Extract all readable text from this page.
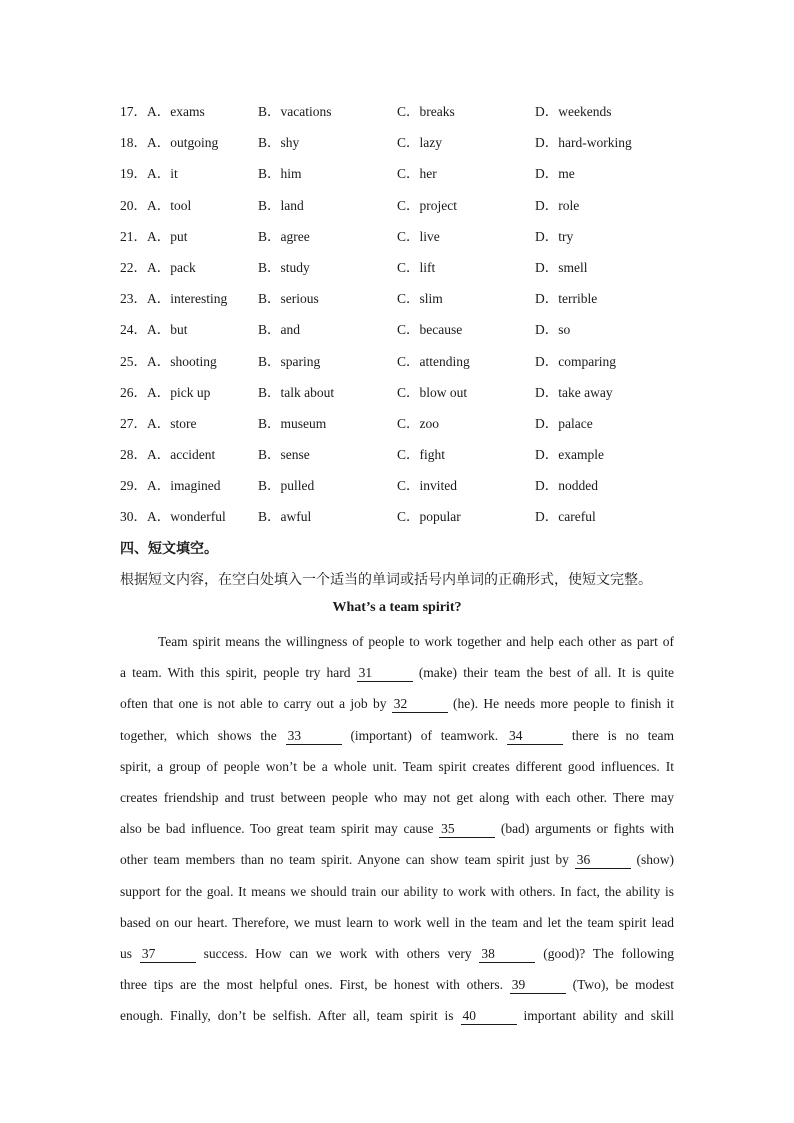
17．A．exams	B．vacations	C．breaks	D．weekends
18．A．outgoing	B．shy	C．lazy	D．hard-working
19．A．it	B．him	C．her	D．me
20．A．tool	B．land	C．project	D．role
21．A．put	B．agree	C．live	D．try
22．A．pack	B．study	C．lift	D．smell
23．A．interesting B．serious	C．slim	D．terrible
24．A．but	B．and	C．because	D．so
25．A．shooting	B．sparing	C．attending	D．comparing
26．A．pick up	B．talk about	C．blow out	D．take away
27．A．store	B．museum	C．zoo	D．palace
28．A．accident	B．sense	C．fight	D．example
29．A．imagined	B．pulled	C．invited	D．nodded
30．A．wonderful B．awful	C．popular	D．careful
四、短文填空。
根据短文内容，在空白处填入一个适当的单词或括号内单词的正确形式，使短文完整。
What’s a team spirit?
Team spirit means the willingness of people to work together and help each other as part of
a team. With this spirit, people try hard 31	(make) their team the best of all. It is quite
often that one is not able to carry out a job by 32	(he). He needs more people to finish it
together, which shows the 33	(important) of teamwork. 34	there is no team
spirit, a group of people won’t be a whole unit. Team spirit creates different good influences. It
creates friendship and trust between people who may not get along with each other. There may
also be bad influence. Too great team spirit may cause 35	(bad) arguments or fights with
other team members than no team spirit. Anyone can show team spirit just by 36	(show)
support for the goal. It means we should train our ability to work with others. In fact, the ability is
based on our heart. Therefore, we must learn to work well in the team and let the team spirit lead
us 37	success. How can we work with others very 38	(good)? The following
three tips are the most helpful ones. First, be honest with others. 39	(Two), be modest
enough. Finally, don’t be selfish. After all, team spirit is 40	important ability and skill
